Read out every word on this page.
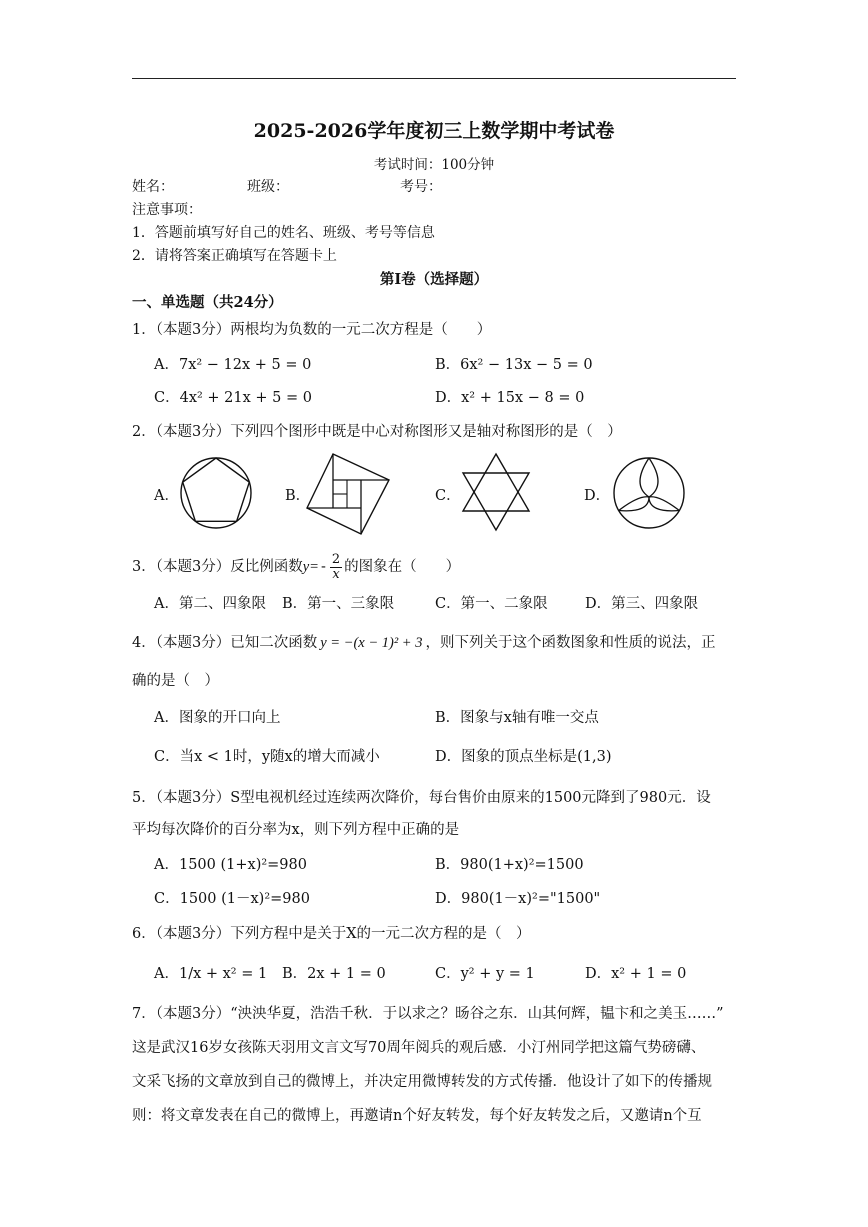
2025-2026学年度初三上数学期中考试卷
考试时间：100分钟
姓名：	班级：	考号：
注意事项：
1．答题前填写好自己的姓名、班级、考号等信息
2．请将答案正确填写在答题卡上
第I卷（选择题）
一、单选题（共24分）
1．（本题3分）两根均为负数的一元二次方程是（　　）
A．7x² − 12x + 5 = 0	B．6x² − 13x − 5 = 0
C．4x² + 21x + 5 = 0	D．x² + 15x − 8 = 0
2．（本题3分）下列四个图形中既是中心对称图形又是轴对称图形的是（　）
A．	B．	C．	D．
3．（本题3分）反比例函数$y= - \frac{2}{x}$ 的图象在（　　）
A．第二、四象限 B．第一、三象限	C．第一、二象限	D．第三、四象限
4．（本题3分）已知二次函数 y = −(x − 1)² + 3 ，则下列关于这个函数图象和性质的说法，正
确的是（　）
A．图象的开口向上	B．图象与x轴有唯一交点
C．当x < 1时，y随x的增大而减小	D．图象的顶点坐标是(1,3)
5．（本题3分）S型电视机经过连续两次降价，每台售价由原来的1500元降到了980元．设
平均每次降价的百分率为x，则下列方程中正确的是
A．1500 (1+x)²=980	B．980(1+x)²=1500
C．1500 (1－x)²=980	D．980(1－x)²="1500"
6．（本题3分）下列方程中是关于X的一元二次方程的是（　）
A．1/x + x² = 1 B．2x + 1 = 0	C．y² + y = 1	D．x² + 1 = 0
7．（本题3分）“泱泱华夏，浩浩千秋．于以求之？旸谷之东．山其何辉，韫卞和之美玉……”
这是武汉16岁女孩陈天羽用文言文写70周年阅兵的观后感．小汀州同学把这篇气势磅礴、
文采飞扬的文章放到自己的微博上，并决定用微博转发的方式传播．他设计了如下的传播规
则：将文章发表在自己的微博上，再邀请n个好友转发，每个好友转发之后，又邀请n个互
